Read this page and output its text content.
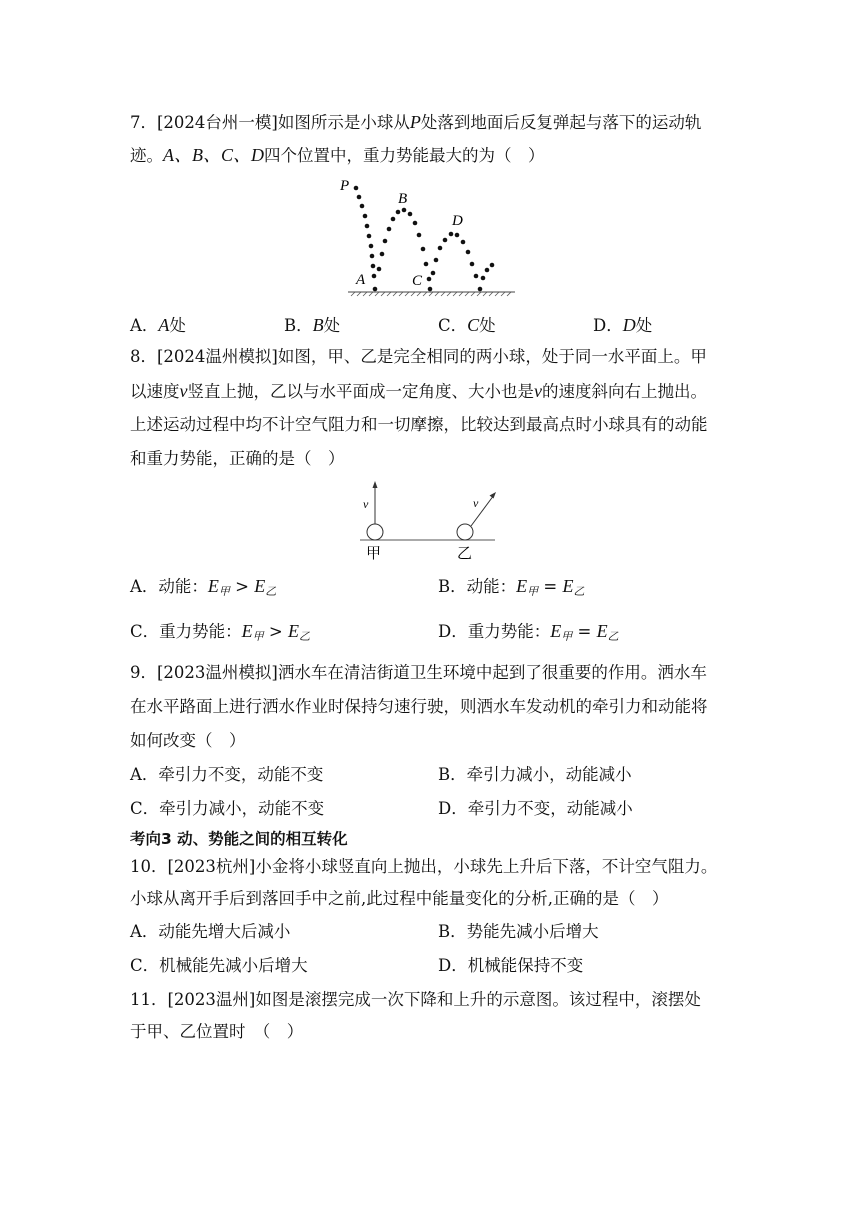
7．[2024台州一模]如图所示是小球从P处落到地面后反复弹起与落下的运动轨
迹。A、B、C、D四个位置中，重力势能最大的为（　）
P
A
B
C
D
A．A处	B．B处	C．C处	D．D处
8．[2024温州模拟]如图，甲、乙是完全相同的两小球，处于同一水平面上。甲
以速度v竖直上抛，乙以与水平面成一定角度、大小也是v的速度斜向右上抛出。
上述运动过程中均不计空气阻力和一切摩擦，比较达到最高点时小球具有的动能
和重力势能，正确的是（　）
v	v
甲	乙
A．动能：$E_甲 > E_乙$	B．动能：$E_甲 = E_乙$
C．重力势能：$E_甲 > E_乙$	D．重力势能：$E_甲 = E_乙$
9．[2023温州模拟]洒水车在清洁街道卫生环境中起到了很重要的作用。洒水车
在水平路面上进行洒水作业时保持匀速行驶，则洒水车发动机的牵引力和动能将
如何改变（　）
A．牵引力不变，动能不变	B．牵引力减小，动能减小
C．牵引力减小，动能不变	D．牵引力不变，动能减小
考向3 动、势能之间的相互转化
10．[2023杭州]小金将小球竖直向上抛出，小球先上升后下落，不计空气阻力。
小球从离开手后到落回手中之前,此过程中能量变化的分析,正确的是（　）
A．动能先增大后减小	B．势能先减小后增大
C．机械能先减小后增大	D．机械能保持不变
11．[2023温州]如图是滚摆完成一次下降和上升的示意图。该过程中，滚摆处
于甲、乙位置时　（　）
